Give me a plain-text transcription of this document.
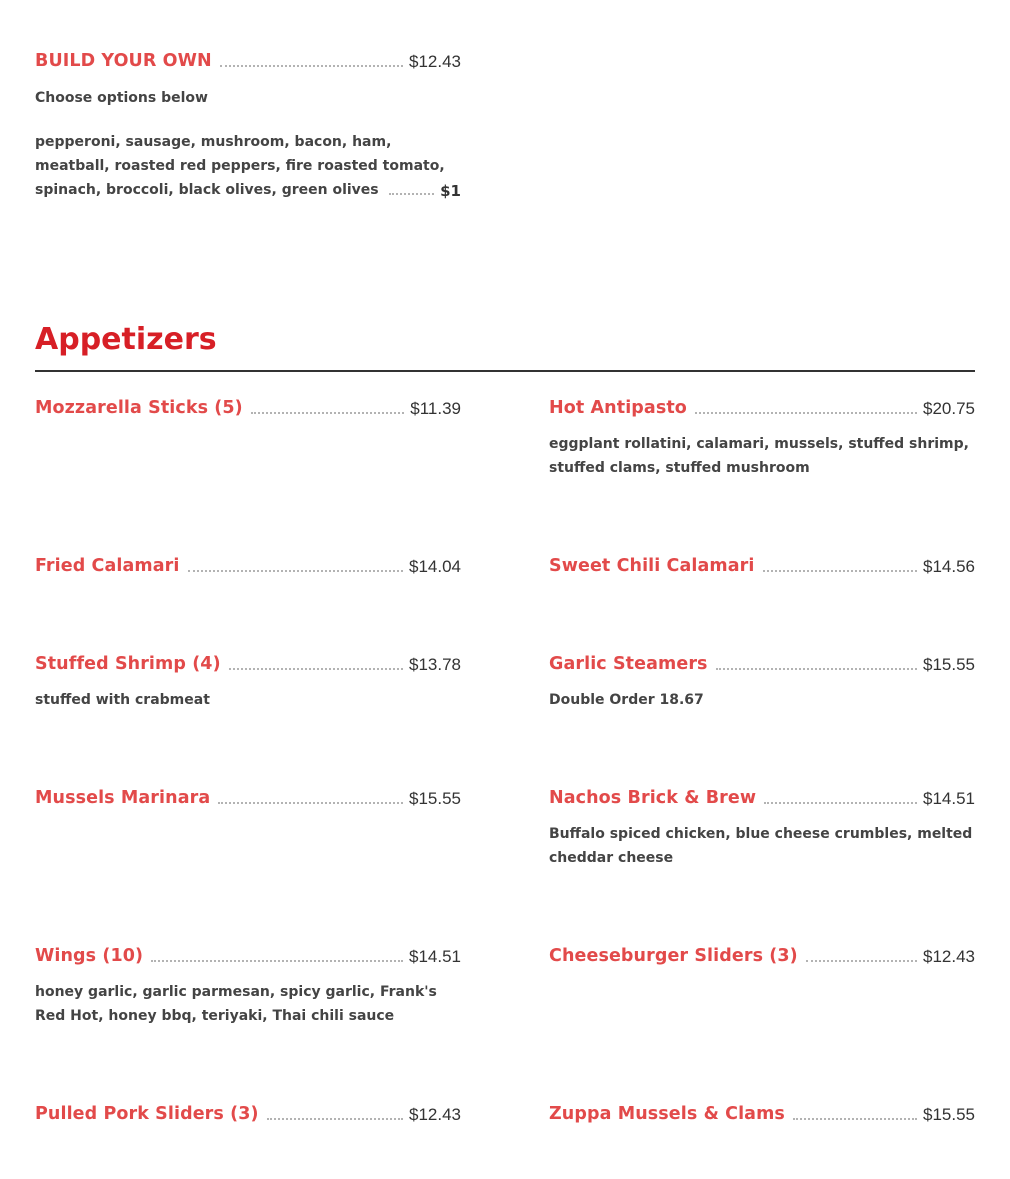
BUILD YOUR OWN	$12.43
Choose options below
pepperoni, sausage, mushroom, bacon, ham,
meatball, roasted red peppers, fire roasted tomato,
spinach, broccoli, black olives, green olives	$1
Appetizers
Mozzarella Sticks (5)	$11.39	Hot Antipasto	$20.75
eggplant rollatini, calamari, mussels, stuffed shrimp, stuffed clams, stuffed mushroom
Fried Calamari	$14.04	Sweet Chili Calamari	$14.56
Stuffed Shrimp (4)	$13.78
stuffed with crabmeat
Garlic Steamers	$15.55
Double Order 18.67
Mussels Marinara	$15.55	Nachos Brick & Brew	$14.51
Buffalo spiced chicken, blue cheese crumbles, melted cheddar cheese
Wings (10)	$14.51
honey garlic, garlic parmesan, spicy garlic, Frank's Red Hot, honey bbq, teriyaki, Thai chili sauce
Cheeseburger Sliders (3)	$12.43
Pulled Pork Sliders (3)	$12.43	Zuppa Mussels & Clams	$15.55
